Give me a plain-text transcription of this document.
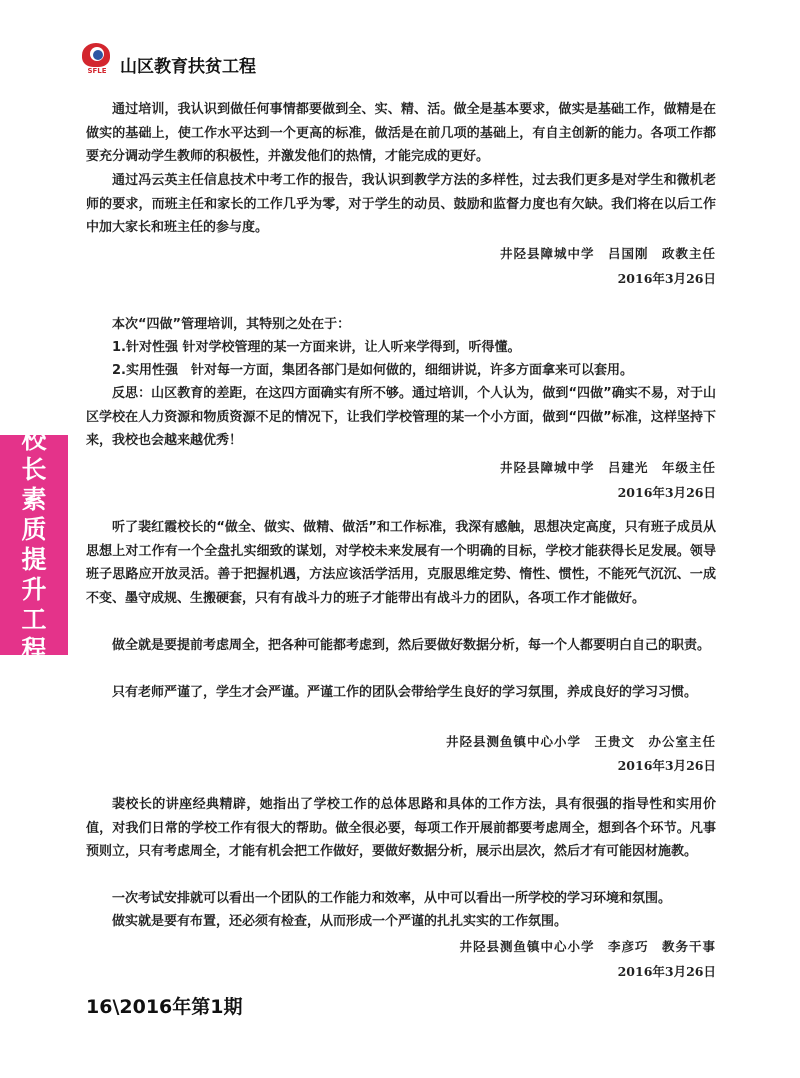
SFLE 山区教育扶贫工程
校
长
素
质
提
升
工
程

通过培训，我认识到做任何事情都要做到全、实、精、活。做全是基本要求，做实是基础工作，做精是在做实的基础上，使工作水平达到一个更高的标准，做活是在前几项的基础上，有自主创新的能力。各项工作都要充分调动学生教师的积极性，并激发他们的热情，才能完成的更好。

通过冯云英主任信息技术中考工作的报告，我认识到教学方法的多样性，过去我们更多是对学生和微机老师的要求，而班主任和家长的工作几乎为零，对于学生的动员、鼓励和监督力度也有欠缺。我们将在以后工作中加大家长和班主任的参与度。

井陉县障城中学　吕国刚　政教主任
2016年3月26日

本次“四做”管理培训，其特别之处在于：

1.针对性强 针对学校管理的某一方面来讲，让人听来学得到，听得懂。

2.实用性强　针对每一方面，集团各部门是如何做的，细细讲说，许多方面拿来可以套用。

反思：山区教育的差距，在这四方面确实有所不够。通过培训，个人认为，做到“四做”确实不易，对于山区学校在人力资源和物质资源不足的情况下，让我们学校管理的某一个小方面，做到“四做”标准，这样坚持下来，我校也会越来越优秀！

井陉县障城中学　吕建光　年级主任
2016年3月26日

听了裴红霞校长的“做全、做实、做精、做活”和工作标准，我深有感触，思想决定高度，只有班子成员从思想上对工作有一个全盘扎实细致的谋划，对学校未来发展有一个明确的目标，学校才能获得长足发展。领导班子思路应开放灵活。善于把握机遇，方法应该活学活用，克服思维定势、惰性、惯性，不能死气沉沉、一成不变、墨守成规、生搬硬套，只有有战斗力的班子才能带出有战斗力的团队，各项工作才能做好。

做全就是要提前考虑周全，把各种可能都考虑到，然后要做好数据分析，每一个人都要明白自己的职责。

只有老师严谨了，学生才会严谨。严谨工作的团队会带给学生良好的学习氛围，养成良好的学习习惯。

井陉县测鱼镇中心小学　王贵文　办公室主任
2016年3月26日

裴校长的讲座经典精辟，她指出了学校工作的总体思路和具体的工作方法，具有很强的指导性和实用价值，对我们日常的学校工作有很大的帮助。做全很必要，每项工作开展前都要考虑周全，想到各个环节。凡事预则立，只有考虑周全，才能有机会把工作做好，要做好数据分析，展示出层次，然后才有可能因材施教。

一次考试安排就可以看出一个团队的工作能力和效率，从中可以看出一所学校的学习环境和氛围。

做实就是要有布置，还必须有检查，从而形成一个严谨的扎扎实实的工作氛围。

井陉县测鱼镇中心小学　李彦巧　教务干事
2016年3月26日
16\2016年第1期
